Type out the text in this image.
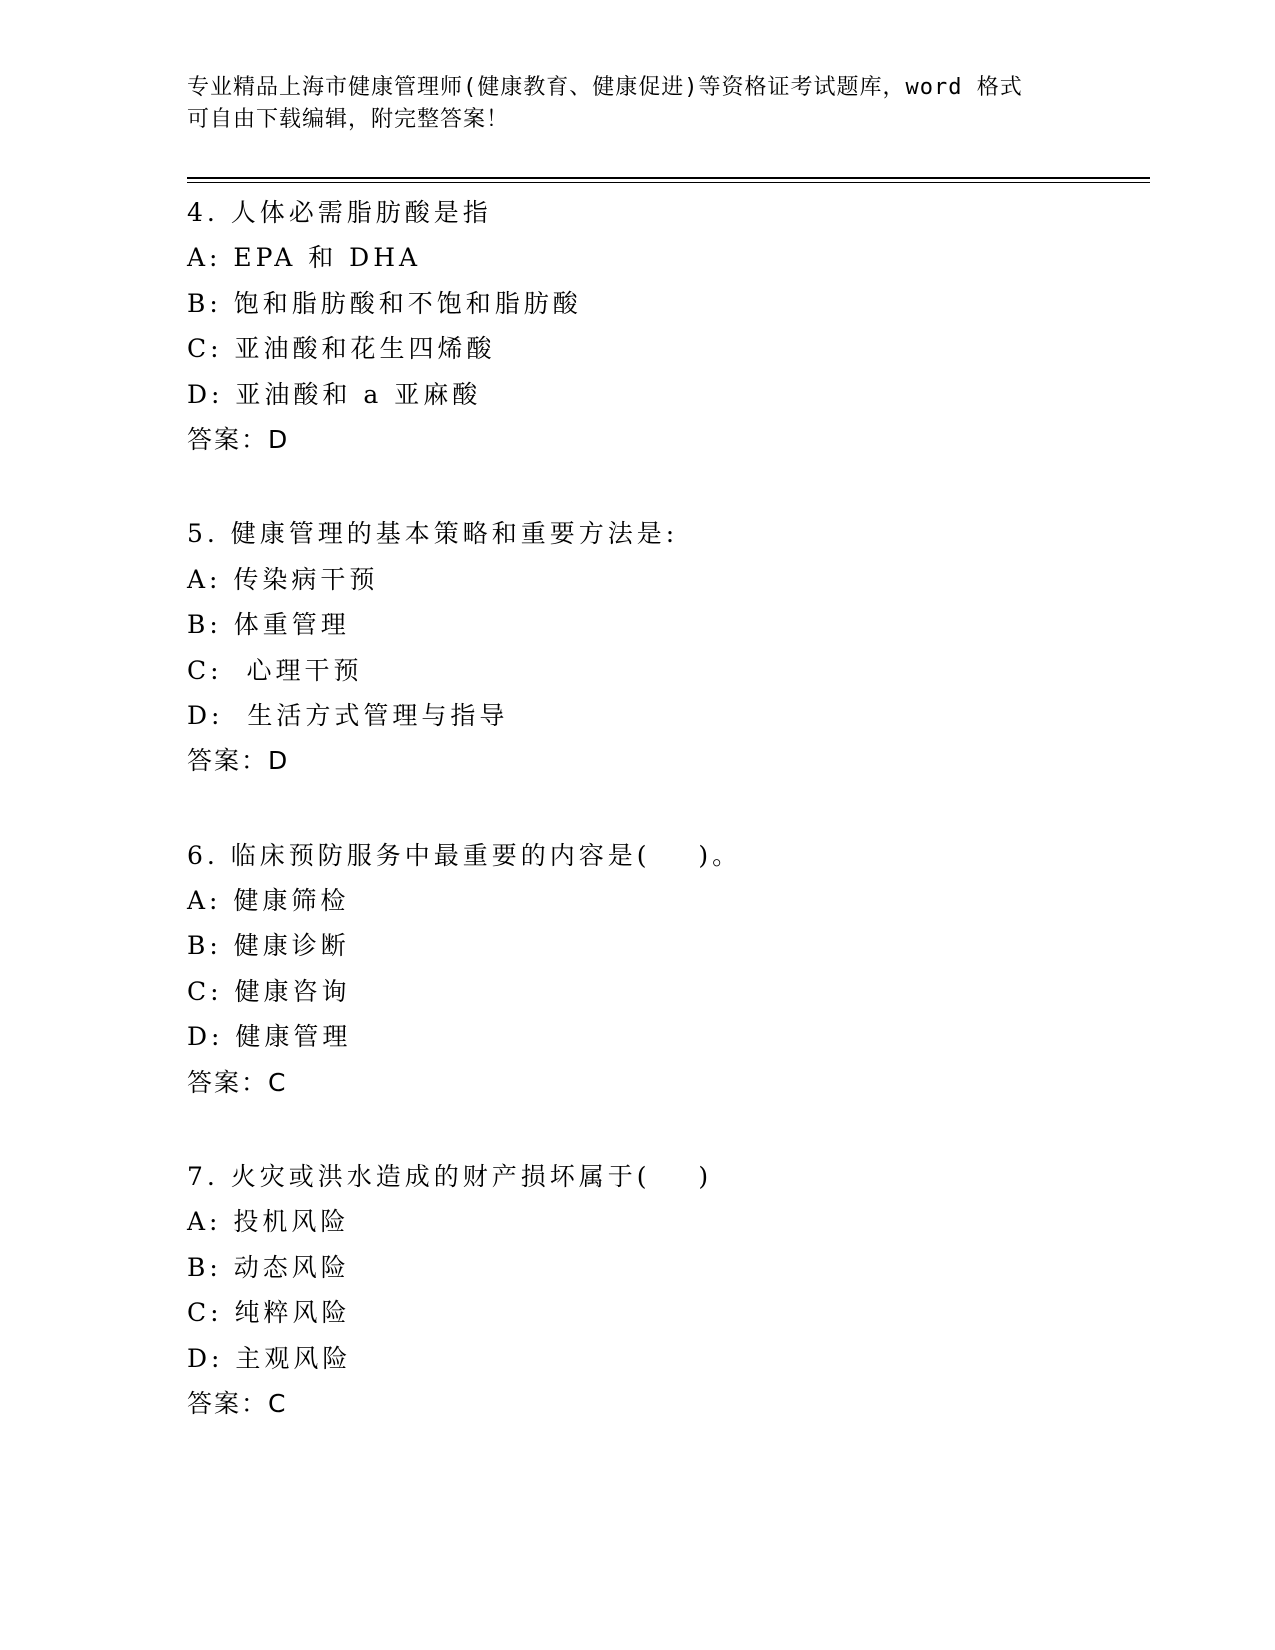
专业精品上海市健康管理师(健康教育、健康促进)等资格证考试题库，word 格式
可自由下载编辑，附完整答案！
4. 人体必需脂肪酸是指
A: EPA 和 DHA
B: 饱和脂肪酸和不饱和脂肪酸
C: 亚油酸和花生四烯酸
D: 亚油酸和 a 亚麻酸
答案：D
5. 健康管理的基本策略和重要方法是:
A: 传染病干预
B: 体重管理
C:  心理干预
D:  生活方式管理与指导
答案：D
6. 临床预防服务中最重要的内容是(    )。
A: 健康筛检
B: 健康诊断
C: 健康咨询
D: 健康管理
答案：C
7. 火灾或洪水造成的财产损坏属于(    )
A: 投机风险
B: 动态风险
C: 纯粹风险
D: 主观风险
答案：C
